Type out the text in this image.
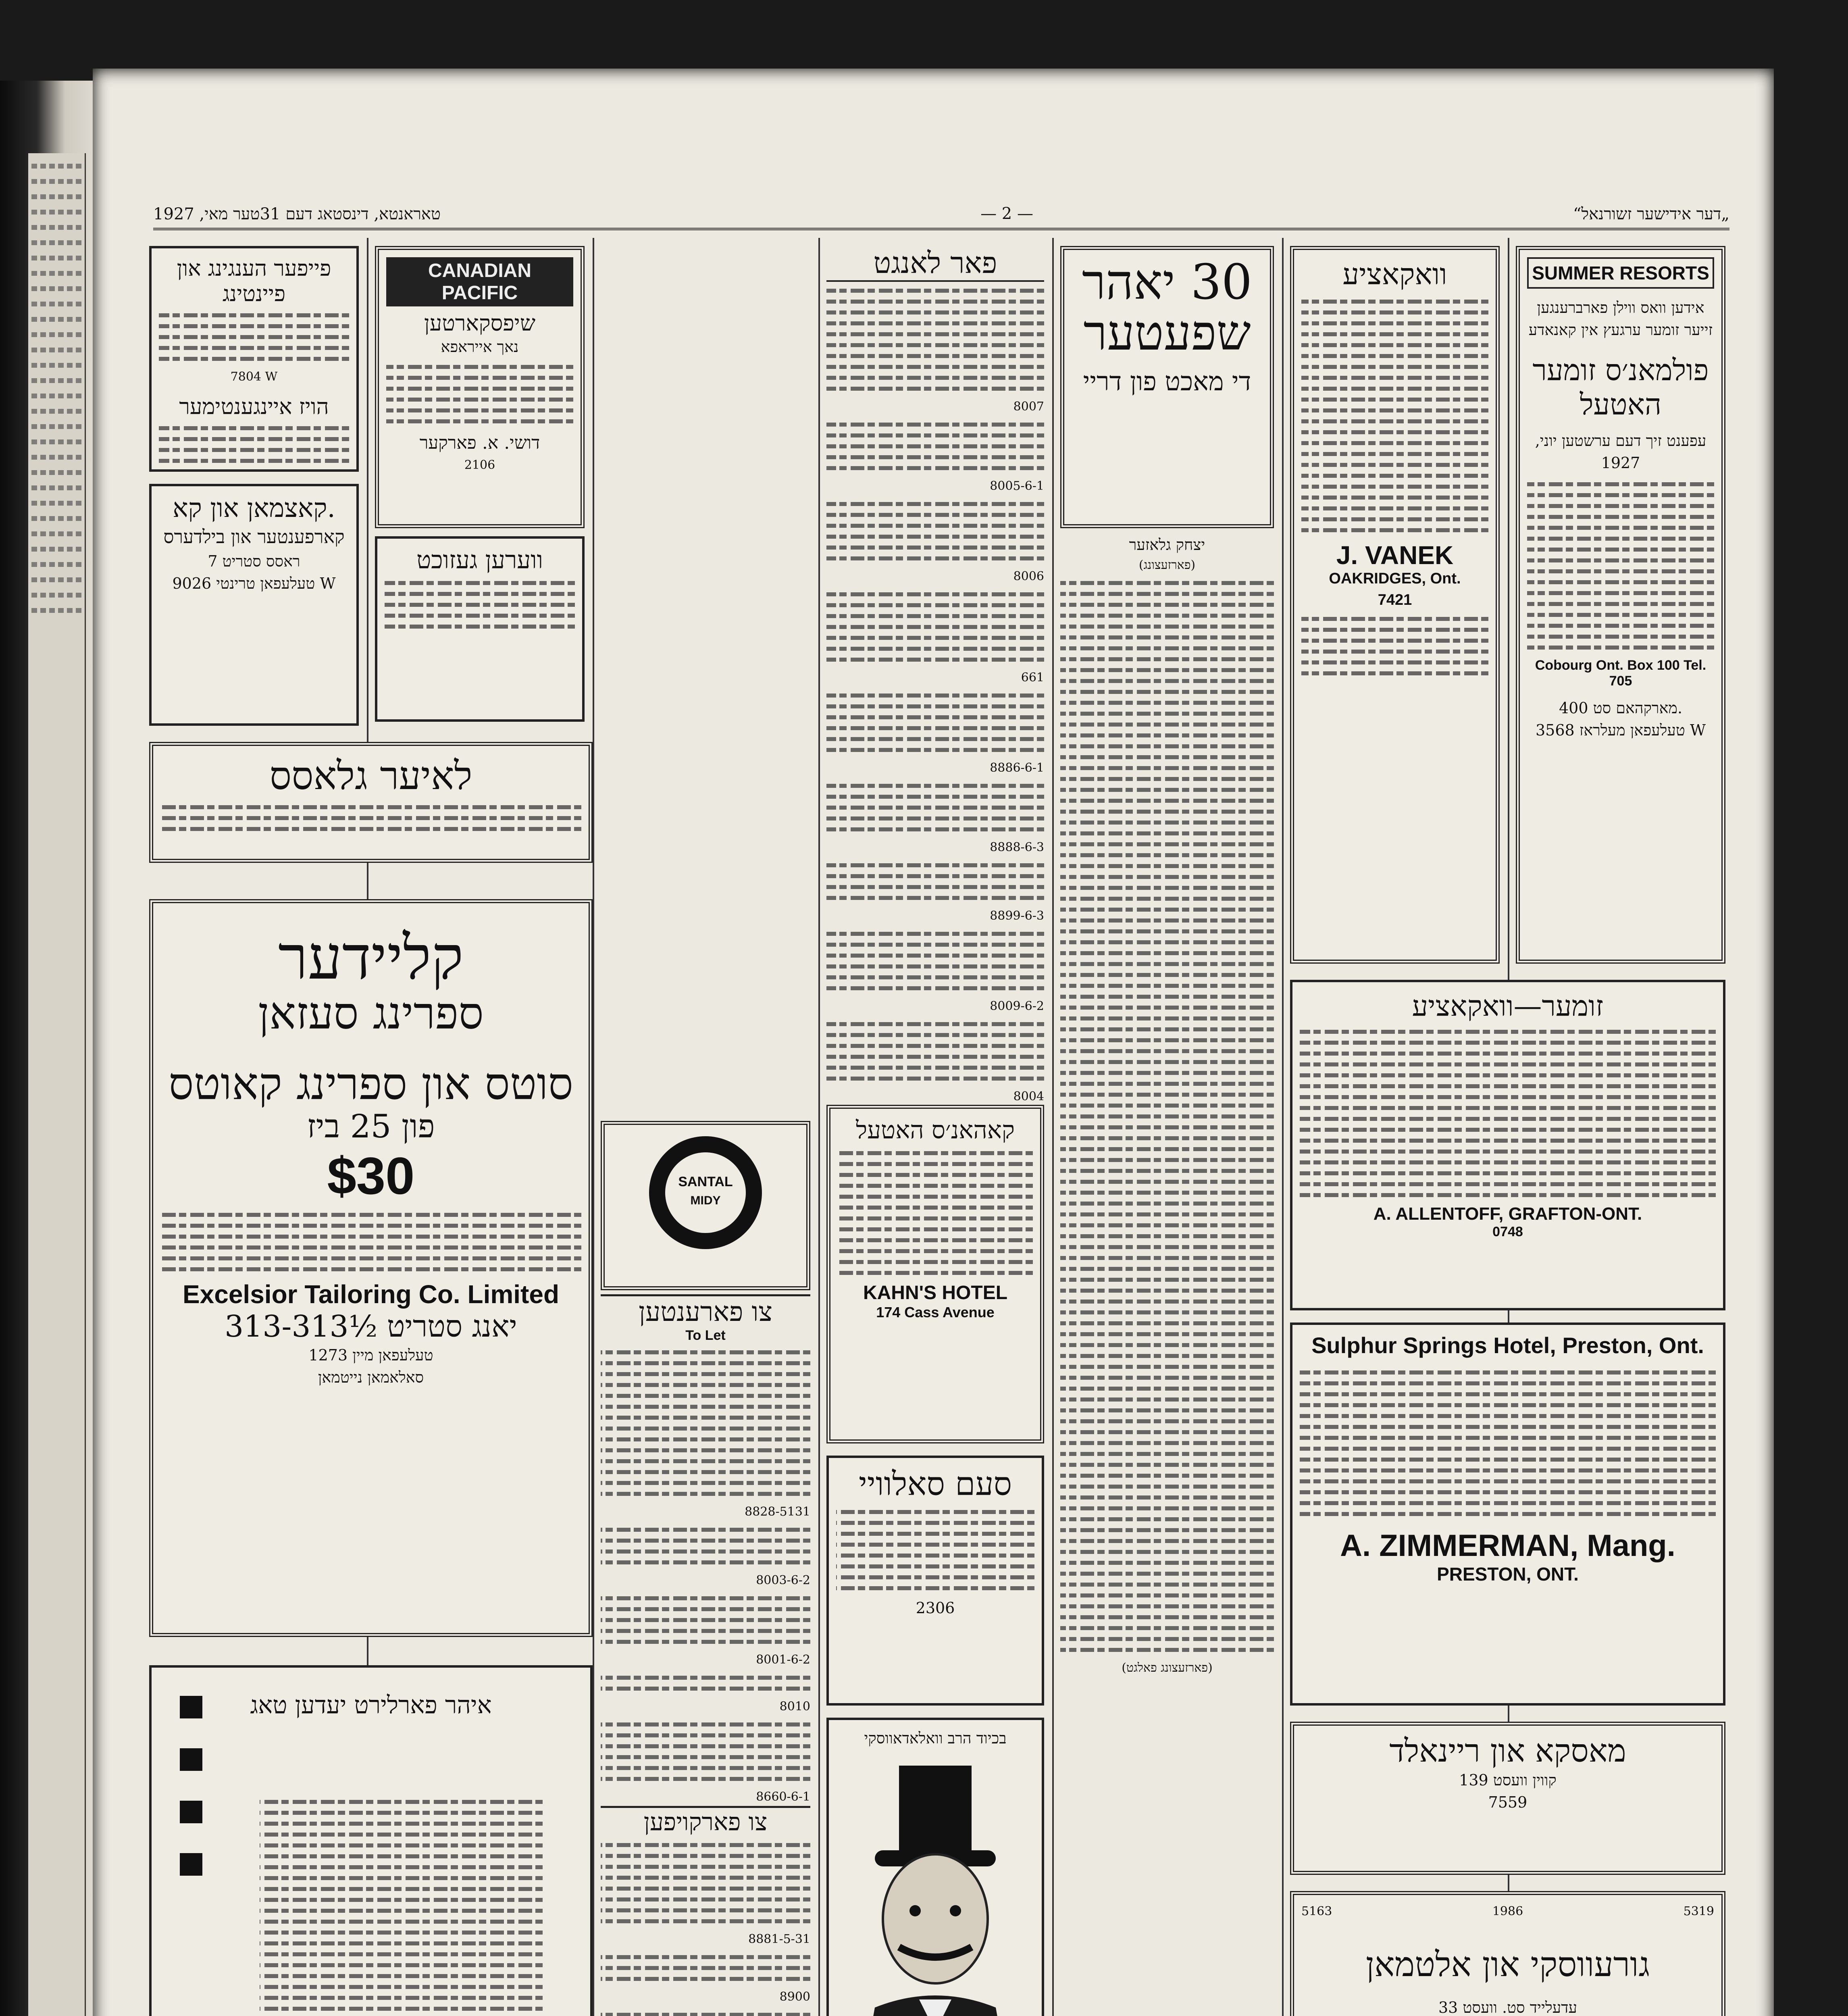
„דער אידישער זשורנאל“
— 2 —
טאראנטא, דינסטאג דעם 31טער מאי, 1927
SUMMER RESORTS
אידען וואס ווילן פארברענגען זייער זומער ערגעץ אין קאנאדע
פולמאנ׳ס זומער האטעל
עפענט זיך דעם ערשטען יוני, 1927
Cobourg Ont. Box 100 Tel. 705
400 מארקהאם סט.
טעלעפאן מעלראז 3568 W
וואקאציע
J. VANEK
OAKRIDGES, Ont.
7421
30 יאהר
שפעטער
די מאכט פון דריי
יצחק גלאזער
(פארזעצונג)
(פארזעצונג פאלגט)
זומער—וואקאציע
A. ALLENTOFF, GRAFTON-ONT.
0748
Sulphur Springs Hotel, Preston, Ont.
A. ZIMMERMAN, Mang.
PRESTON, ONT.
מאסקא און ריינאלד
139 קווין וועסט
7559
5163	1986	5319
גורעווסקי און אלטמאן
33 עדעלייד סט. וועסט
פאר לאנגט
8007
8005-6-1
8006
661
8886-6-1
8888-6-3
8899-6-3
8009-6-2
8004
קאהאנ׳ס האטעל
KAHN'S HOTEL
174 Cass Avenue
סעם סאלוויי
2306
בכיוד הרב וואלאדאווסקי
SANTAL
MIDY
צו פארענטען
To Let
8828-5131
8003-6-2
8001-6-2
8010
8660-6-1
צו פארקויפען
8881-5-31
8900
לאיער גלאסס
קליידער
ספרינג סעזאן
סוטס און ספרינג קאוטס
פון 25 ביז
$30
Excelsior Tailoring Co. Limited
313-313½ יאנג סטריט
טעלעפאן מיין 1273
סאלאמאן נייטמאן
איהר פארלירט יעדען טאג
פייפער הענגינג און פיינטינג
7804 W
הויז איינגענטימער
CANADIAN PACIFIC
שיפסקארטען
נאך אייראפא
דושי. א. פארקער
2106
ווערען געזוכט
קאצמאן און קא.
קארפענטער און בילדערס
7 ראסס סטריט
טעלעפאן טרינטי 9026 W
